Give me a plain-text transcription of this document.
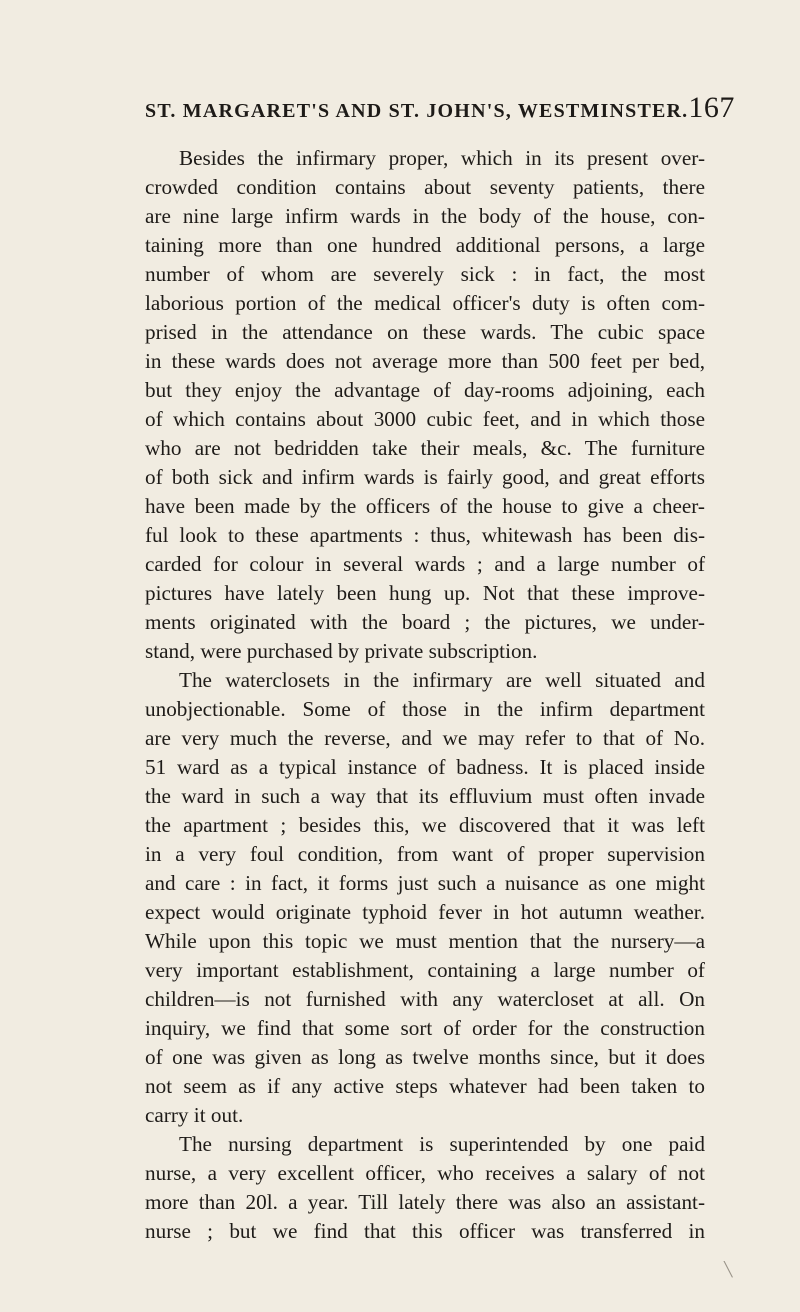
ST. MARGARET'S AND ST. JOHN'S, WESTMINSTER. 167
Besides the infirmary proper, which in its present over-
crowded condition contains about seventy patients, there
are nine large infirm wards in the body of the house, con-
taining more than one hundred additional persons, a large
number of whom are severely sick : in fact, the most
laborious portion of the medical officer's duty is often com-
prised in the attendance on these wards. The cubic space
in these wards does not average more than 500 feet per bed,
but they enjoy the advantage of day-rooms adjoining, each
of which contains about 3000 cubic feet, and in which those
who are not bedridden take their meals, &c. The furniture
of both sick and infirm wards is fairly good, and great efforts
have been made by the officers of the house to give a cheer-
ful look to these apartments : thus, whitewash has been dis-
carded for colour in several wards ; and a large number of
pictures have lately been hung up. Not that these improve-
ments originated with the board ; the pictures, we under-
stand, were purchased by private subscription.
The waterclosets in the infirmary are well situated and
unobjectionable. Some of those in the infirm department
are very much the reverse, and we may refer to that of No.
51 ward as a typical instance of badness. It is placed inside
the ward in such a way that its effluvium must often invade
the apartment ; besides this, we discovered that it was left
in a very foul condition, from want of proper supervision
and care : in fact, it forms just such a nuisance as one might
expect would originate typhoid fever in hot autumn weather.
While upon this topic we must mention that the nursery—a
very important establishment, containing a large number of
children—is not furnished with any watercloset at all. On
inquiry, we find that some sort of order for the construction
of one was given as long as twelve months since, but it does
not seem as if any active steps whatever had been taken to
carry it out.
The nursing department is superintended by one paid
nurse, a very excellent officer, who receives a salary of not
more than 20l. a year. Till lately there was also an assistant-
nurse ; but we find that this officer was transferred in
╲
